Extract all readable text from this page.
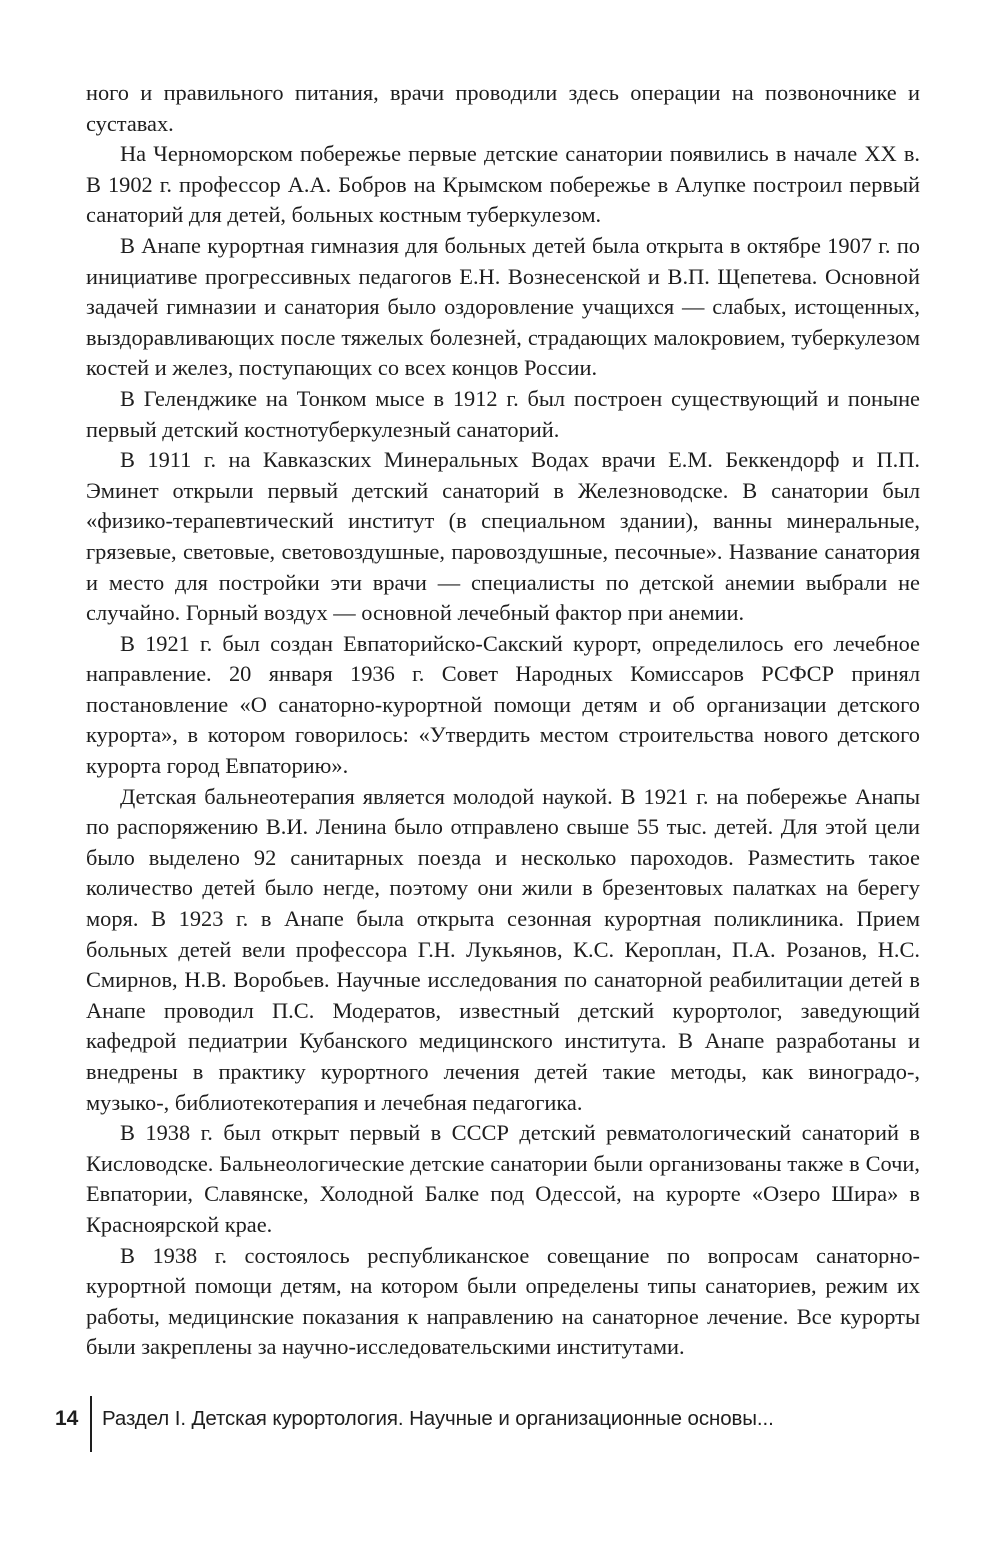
ного и правильного питания, врачи проводили здесь операции на позвоночнике и суставах.

На Черноморском побережье первые детские санатории появились в начале XX в. В 1902 г. профессор А.А. Бобров на Крымском побережье в Алупке построил первый санаторий для детей, больных костным туберкулезом.

В Анапе курортная гимназия для больных детей была открыта в октябре 1907 г. по инициативе прогрессивных педагогов Е.Н. Вознесенской и В.П. Щепетева. Основной задачей гимназии и санатория было оздоровление учащихся — слабых, истощенных, выздоравливающих после тяжелых болезней, страдающих малокровием, туберкулезом костей и желез, поступающих со всех концов России.

В Геленджике на Тонком мысе в 1912 г. был построен существующий и поныне первый детский костнотуберкулезный санаторий.

В 1911 г. на Кавказских Минеральных Водах врачи Е.М. Беккендорф и П.П. Эминет открыли первый детский санаторий в Железноводске. В санатории был «физико-терапевтический институт (в специальном здании), ванны минеральные, грязевые, световые, световоздушные, паровоздушные, песочные». Название санатория и место для постройки эти врачи — специалисты по детской анемии выбрали не случайно. Горный воздух — основной лечебный фактор при анемии.

В 1921 г. был создан Евпаторийско-Сакский курорт, определилось его лечебное направление. 20 января 1936 г. Совет Народных Комиссаров РСФСР принял постановление «О санаторно-курортной помощи детям и об организации детского курорта», в котором говорилось: «Утвердить местом строительства нового детского курорта город Евпаторию».

Детская бальнеотерапия является молодой наукой. В 1921 г. на побережье Анапы по распоряжению В.И. Ленина было отправлено свыше 55 тыс. детей. Для этой цели было выделено 92 санитарных поезда и несколько пароходов. Разместить такое количество детей было негде, поэтому они жили в брезентовых палатках на берегу моря. В 1923 г. в Анапе была открыта сезонная курортная поликлиника. Прием больных детей вели профессора Г.Н. Лукьянов, К.С. Кероплан, П.А. Розанов, Н.С. Смирнов, Н.В. Воробьев. Научные исследования по санаторной реабилитации детей в Анапе проводил П.С. Модератов, известный детский курортолог, заведующий кафедрой педиатрии Кубанского медицинского института. В Анапе разработаны и внедрены в практику курортного лечения детей такие методы, как виноградо-, музыко-, библиотекотерапия и лечебная педагогика.

В 1938 г. был открыт первый в СССР детский ревматологический санаторий в Кисловодске. Бальнеологические детские санатории были организованы также в Сочи, Евпатории, Славянске, Холодной Балке под Одессой, на курорте «Озеро Шира» в Красноярской крае.

В 1938 г. состоялось республиканское совещание по вопросам санаторно-курортной помощи детям, на котором были определены типы санаториев, режим их работы, медицинские показания к направлению на санаторное лечение. Все курорты были закреплены за научно-исследовательскими институтами.

14 Раздел I. Детская курортология. Научные и организационные основы...
